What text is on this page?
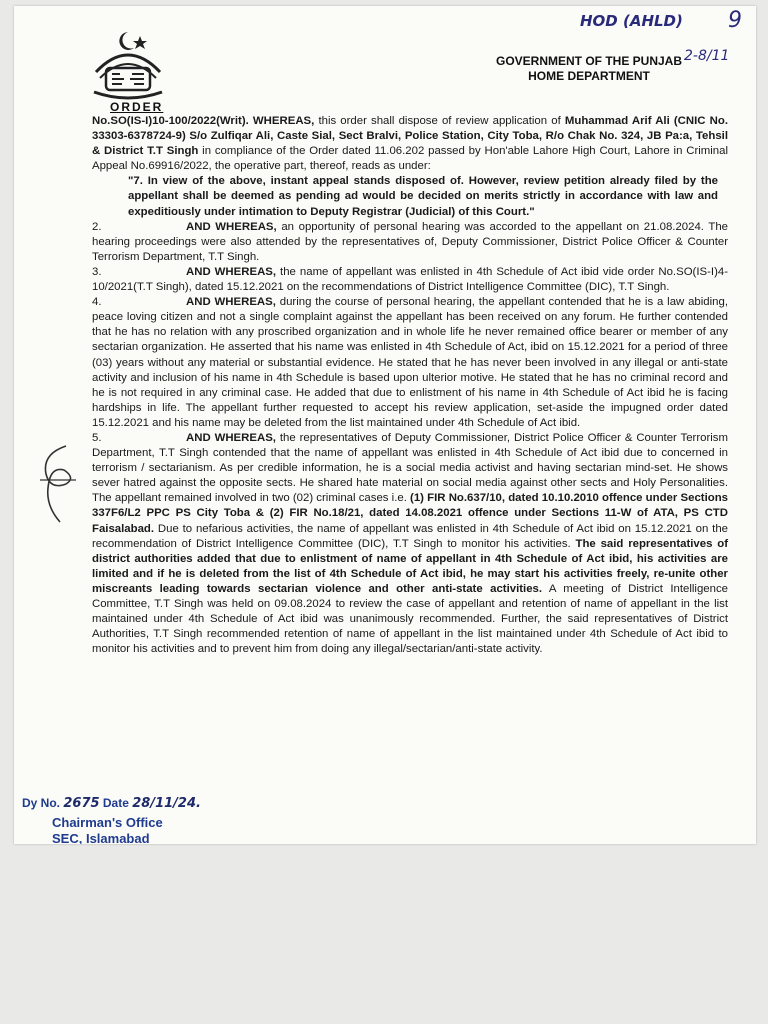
HOD (AHLD) 9
2-8/11
GOVERNMENT OF THE PUNJAB
HOME DEPARTMENT
ORDER

No.SO(IS-I)10-100/2022(Writ). WHEREAS, this order shall dispose of review application of Muhammad Arif Ali (CNIC No. 33303-6378724-9) S/o Zulfiqar Ali, Caste Sial, Sect Bralvi, Police Station, City Toba, R/o Chak No. 324, JB Pa:a, Tehsil & District T.T Singh in compliance of the Order dated 11.06.202 passed by Hon'able Lahore High Court, Lahore in Criminal Appeal No.69916/2022, the operative part, thereof, reads as under:

"7. In view of the above, instant appeal stands disposed of. However, review petition already filed by the appellant shall be deemed as pending ad would be decided on merits strictly in accordance with law and expeditiously under intimation to Deputy Registrar (Judicial) of this Court."

2.	AND WHEREAS, an opportunity of personal hearing was accorded to the appellant on 21.08.2024. The hearing proceedings were also attended by the representatives of, Deputy Commissioner, District Police Officer & Counter Terrorism Department, T.T Singh.

3.	AND WHEREAS, the name of appellant was enlisted in 4th Schedule of Act ibid vide order No.SO(IS-I)4-10/2021(T.T Singh), dated 15.12.2021 on the recommendations of District Intelligence Committee (DIC), T.T Singh.

4.	AND WHEREAS, during the course of personal hearing, the appellant contended that he is a law abiding, peace loving citizen and not a single complaint against the appellant has been received on any forum. He further contended that he has no relation with any proscribed organization and in whole life he never remained office bearer or member of any sectarian organization. He asserted that his name was enlisted in 4th Schedule of Act, ibid on 15.12.2021 for a period of three (03) years without any material or substantial evidence. He stated that he has never been involved in any illegal or anti-state activity and inclusion of his name in 4th Schedule is based upon ulterior motive. He stated that he has no criminal record and he is not required in any criminal case. He added that due to enlistment of his name in 4th Schedule of Act ibid he is facing hardships in life. The appellant further requested to accept his review application, set-aside the impugned order dated 15.12.2021 and his name may be deleted from the list maintained under 4th Schedule of Act ibid.

5.	AND WHEREAS, the representatives of Deputy Commissioner, District Police Officer & Counter Terrorism Department, T.T Singh contended that the name of appellant was enlisted in 4th Schedule of Act ibid due to concerned in terrorism / sectarianism. As per credible information, he is a social media activist and having sectarian mind-set. He shows sever hatred against the opposite sects. He shared hate material on social media against other sects and Holy Personalities. The appellant remained involved in two (02) criminal cases i.e. (1) FIR No.637/10, dated 10.10.2010 offence under Sections 337F6/L2 PPC PS City Toba & (2) FIR No.18/21, dated 14.08.2021 offence under Sections 11-W of ATA, PS CTD Faisalabad. Due to nefarious activities, the name of appellant was enlisted in 4th Schedule of Act ibid on 15.12.2021 on the recommendation of District Intelligence Committee (DIC), T.T Singh to monitor his activities. The said representatives of district authorities added that due to enlistment of name of appellant in 4th Schedule of Act ibid, his activities are limited and if he is deleted from the list of 4th Schedule of Act ibid, he may start his activities freely, re-unite other miscreants leading towards sectarian violence and other anti-state activities. A meeting of District Intelligence Committee, T.T Singh was held on 09.08.2024 to review the case of appellant and retention of name of appellant in the list maintained under 4th Schedule of Act ibid was unanimously recommended. Further, the said representatives of District Authorities, T.T Singh recommended retention of name of appellant in the list maintained under 4th Schedule of Act ibid to monitor his activities and to prevent him from doing any illegal/sectarian/anti-state activity.

Dy No. 2675 Date 28/11/24.
Chairman's Office
SEC, Islamabad
